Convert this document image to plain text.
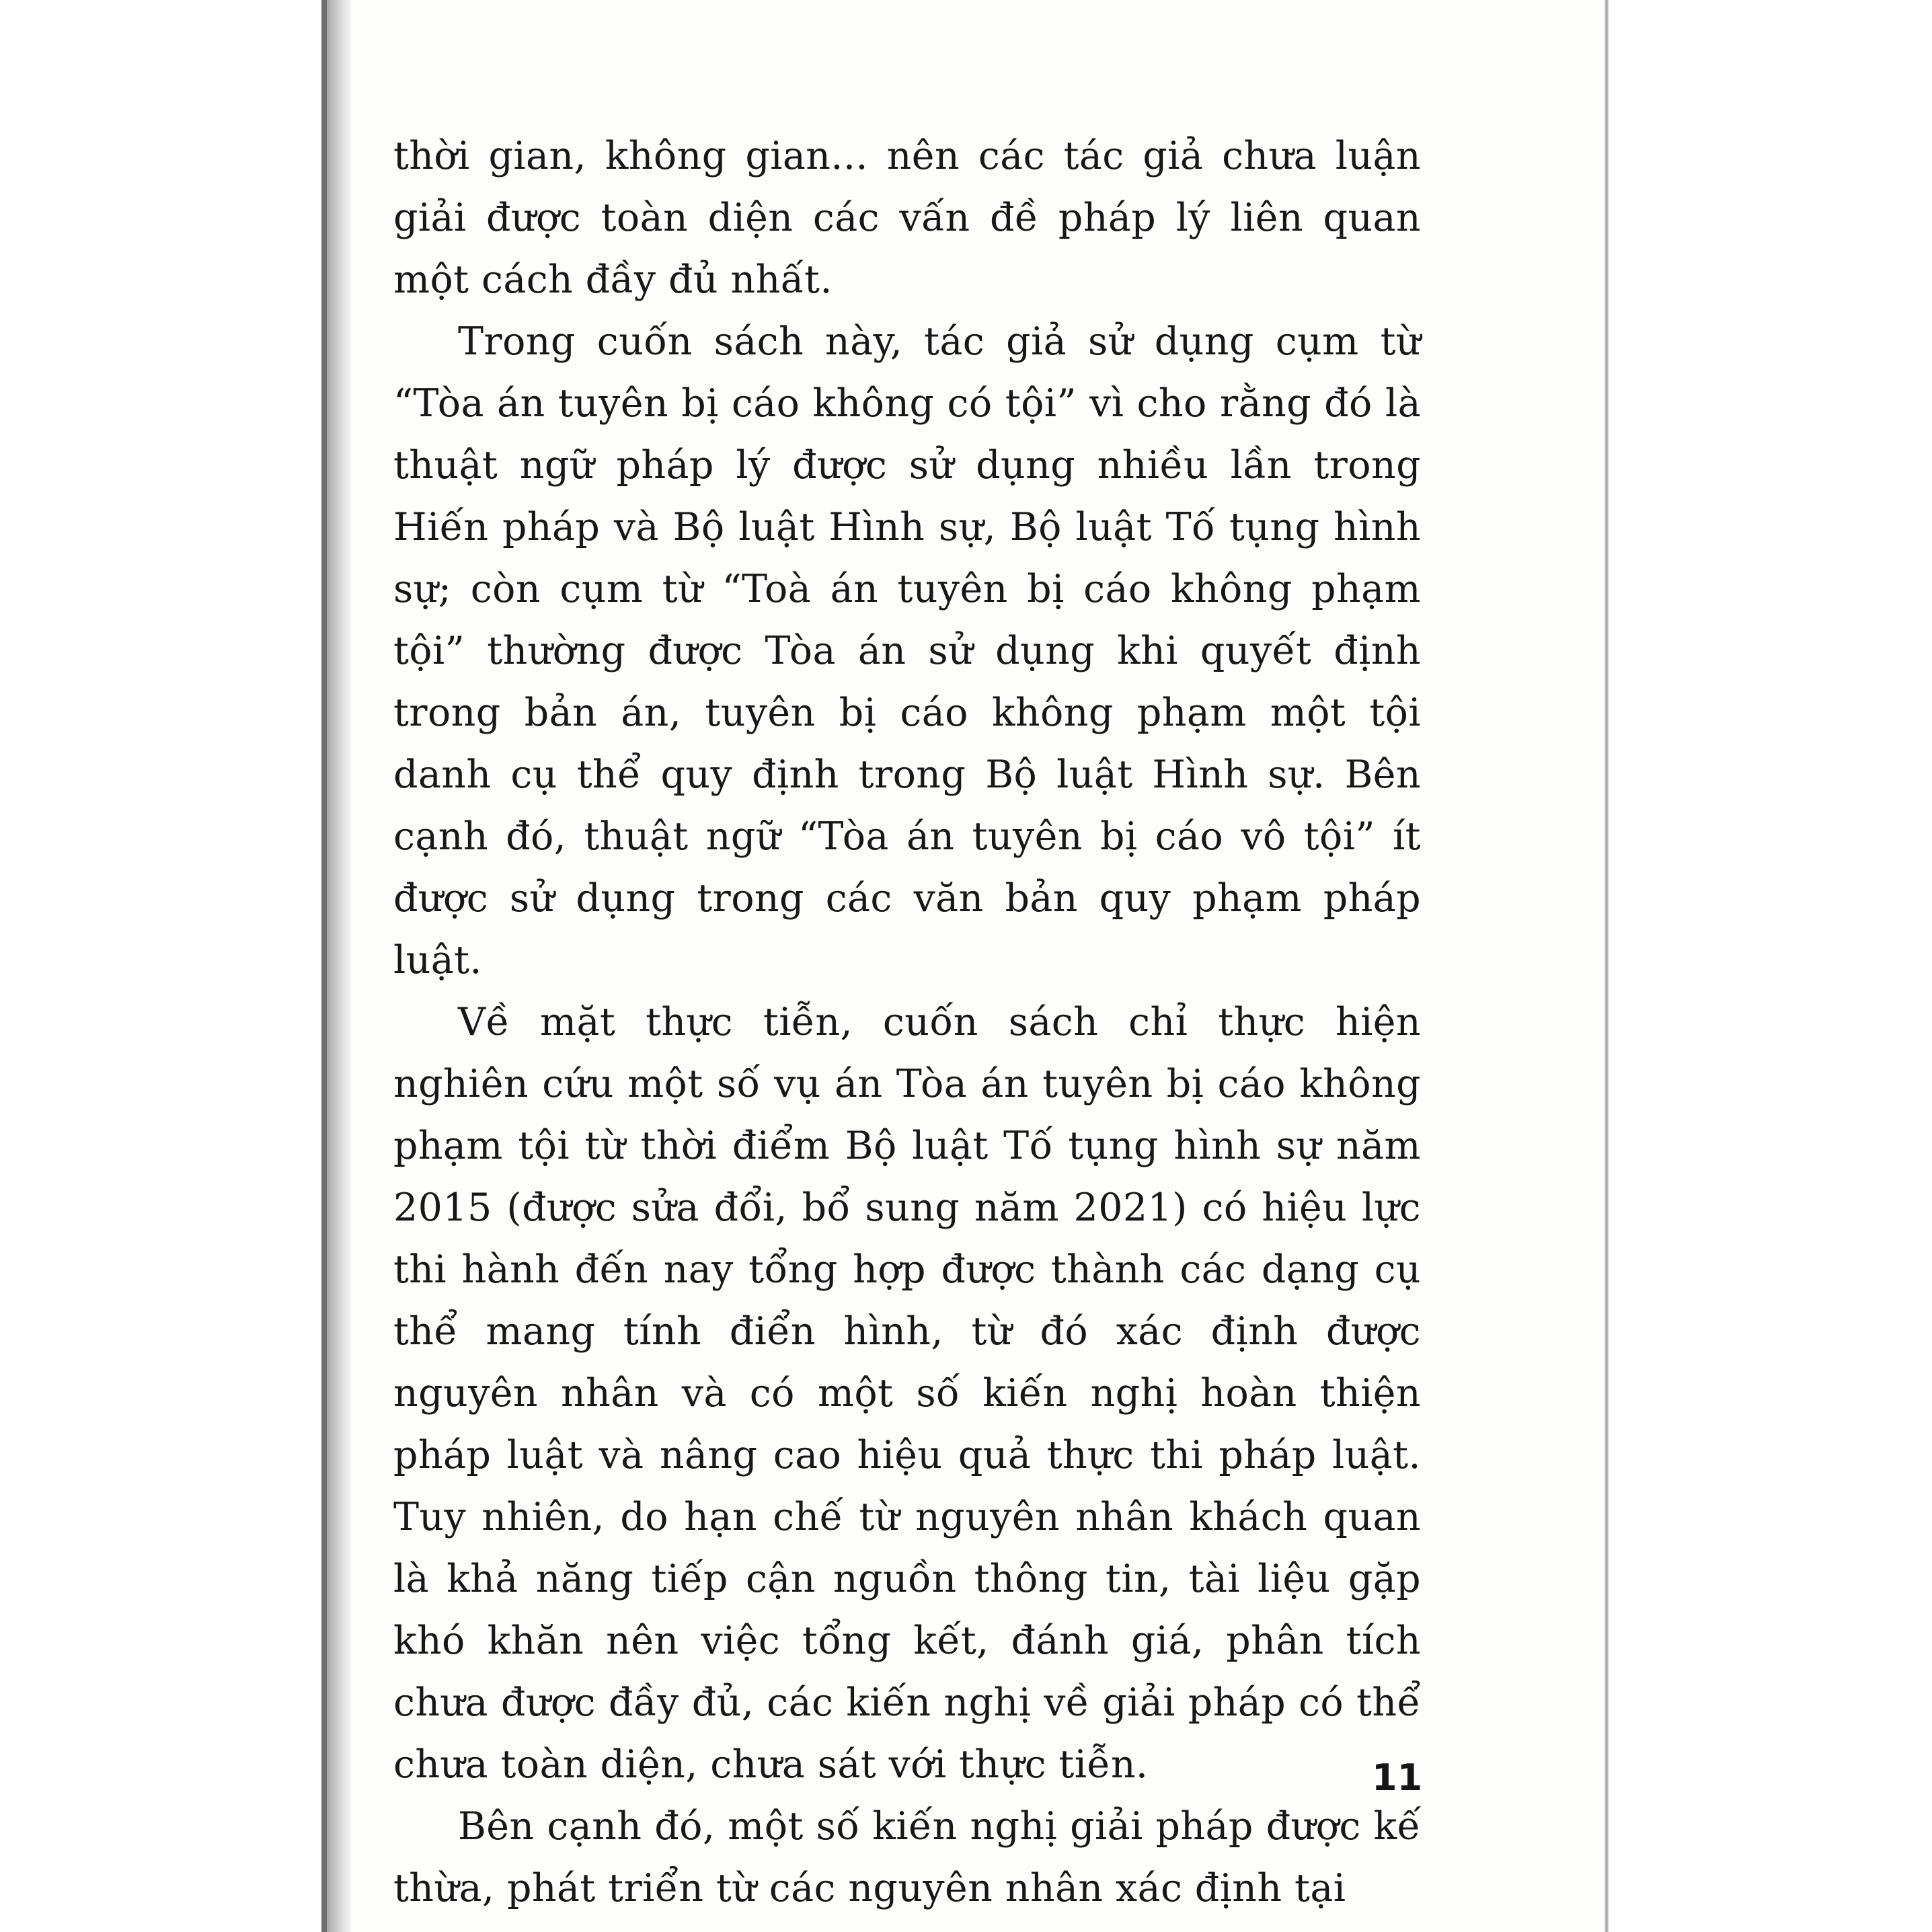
thời gian, không gian... nên các tác giả chưa luận giải được toàn diện các vấn đề pháp lý liên quan một cách đầy đủ nhất.

Trong cuốn sách này, tác giả sử dụng cụm từ “Tòa án tuyên bị cáo không có tội” vì cho rằng đó là thuật ngữ pháp lý được sử dụng nhiều lần trong Hiến pháp và Bộ luật Hình sự, Bộ luật Tố tụng hình sự; còn cụm từ “Toà án tuyên bị cáo không phạm tội” thường được Tòa án sử dụng khi quyết định trong bản án, tuyên bị cáo không phạm một tội danh cụ thể quy định trong Bộ luật Hình sự. Bên cạnh đó, thuật ngữ “Tòa án tuyên bị cáo vô tội” ít được sử dụng trong các văn bản quy phạm pháp luật.

Về mặt thực tiễn, cuốn sách chỉ thực hiện nghiên cứu một số vụ án Tòa án tuyên bị cáo không phạm tội từ thời điểm Bộ luật Tố tụng hình sự năm 2015 (được sửa đổi, bổ sung năm 2021) có hiệu lực thi hành đến nay tổng hợp được thành các dạng cụ thể mang tính điển hình, từ đó xác định được nguyên nhân và có một số kiến nghị hoàn thiện pháp luật và nâng cao hiệu quả thực thi pháp luật. Tuy nhiên, do hạn chế từ nguyên nhân khách quan là khả năng tiếp cận nguồn thông tin, tài liệu gặp khó khăn nên việc tổng kết, đánh giá, phân tích chưa được đầy đủ, các kiến nghị về giải pháp có thể chưa toàn diện, chưa sát với thực tiễn.

Bên cạnh đó, một số kiến nghị giải pháp được kế thừa, phát triển từ các nguyên nhân xác định tại

11
